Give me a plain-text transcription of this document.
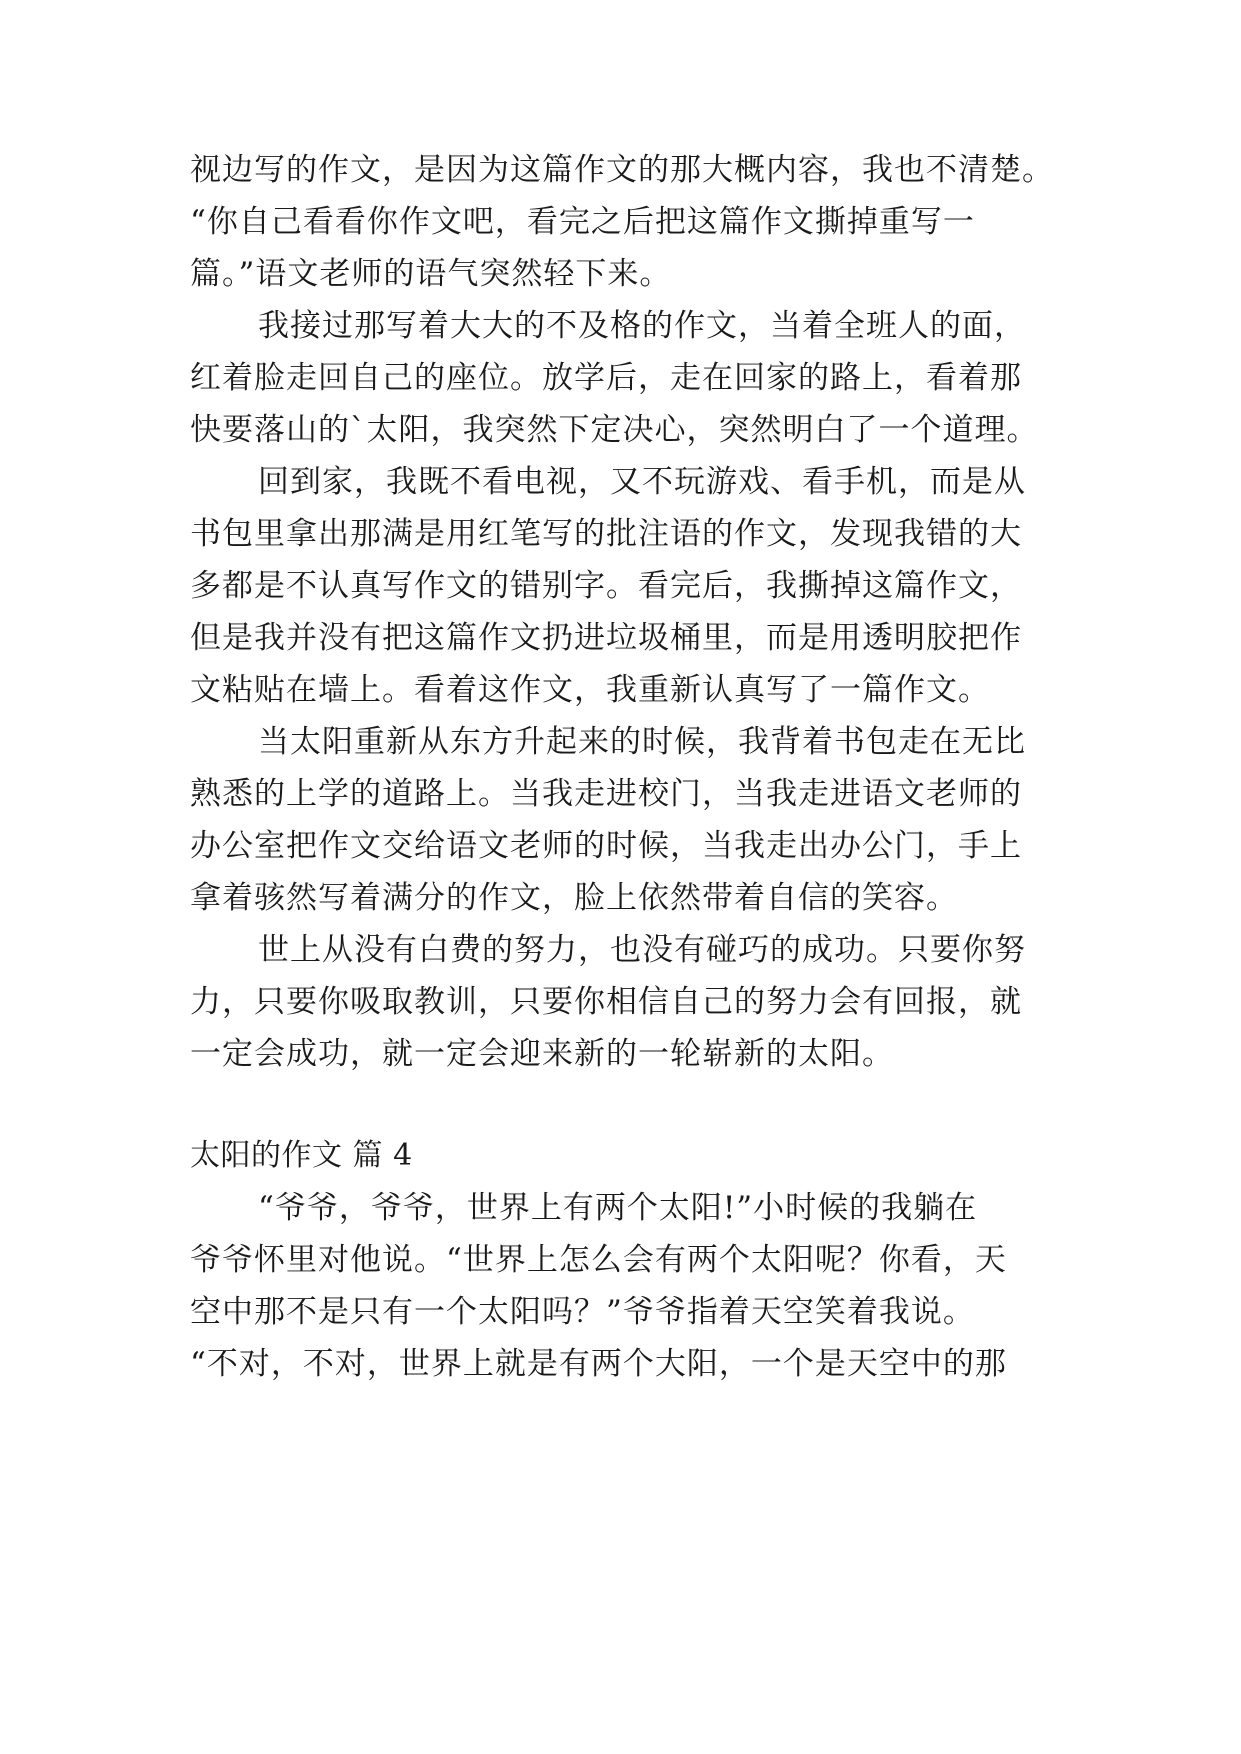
视边写的作文，是因为这篇作文的那大概内容，我也不清楚。
“你自己看看你作文吧，看完之后把这篇作文撕掉重写一
篇。”语文老师的语气突然轻下来。
我接过那写着大大的不及格的作文，当着全班人的面，
红着脸走回自己的座位。放学后，走在回家的路上，看着那
快要落山的`太阳，我突然下定决心，突然明白了一个道理。
回到家，我既不看电视，又不玩游戏、看手机，而是从
书包里拿出那满是用红笔写的批注语的作文，发现我错的大
多都是不认真写作文的错别字。看完后，我撕掉这篇作文，
但是我并没有把这篇作文扔进垃圾桶里，而是用透明胶把作
文粘贴在墙上。看着这作文，我重新认真写了一篇作文。
当太阳重新从东方升起来的时候，我背着书包走在无比
熟悉的上学的道路上。当我走进校门，当我走进语文老师的
办公室把作文交给语文老师的时候，当我走出办公门，手上
拿着骇然写着满分的作文，脸上依然带着自信的笑容。
世上从没有白费的努力，也没有碰巧的成功。只要你努
力，只要你吸取教训，只要你相信自己的努力会有回报，就
一定会成功，就一定会迎来新的一轮崭新的太阳。
太阳的作文 篇 4
“爷爷，爷爷，世界上有两个太阳!”小时候的我躺在
爷爷怀里对他说。“世界上怎么会有两个太阳呢？你看，天
空中那不是只有一个太阳吗？”爷爷指着天空笑着我说。
“不对，不对，世界上就是有两个大阳，一个是天空中的那
